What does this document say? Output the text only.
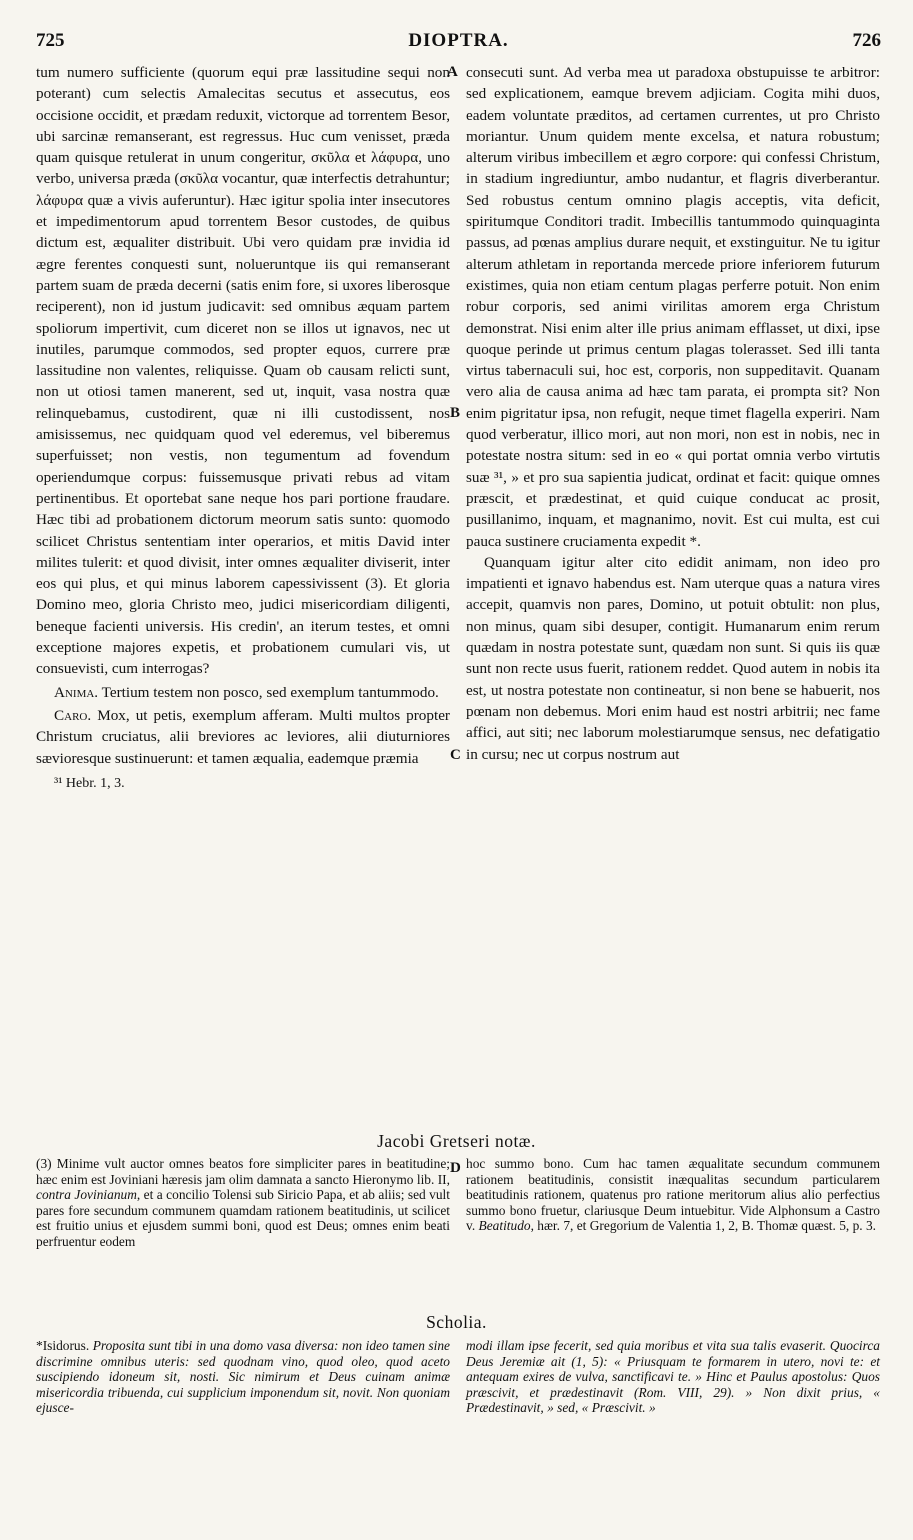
725	DIOPTRA.	726
A
B
C
D

tum numero sufficiente (quorum equi præ lassitudine sequi non poterant) cum selectis Amalecitas secutus et assecutus, eos occisione occidit, et prædam reduxit, victorque ad torrentem Besor, ubi sarcinæ remanserant, est regressus. Huc cum venisset, præda quam quisque retulerat in unum congeritur, σκῦλα et λάφυρα, uno verbo, universa præda (σκῦλα vocantur, quæ interfectis detrahuntur; λάφυρα quæ a vivis auferuntur). Hæc igitur spolia inter insecutores et impedimentorum apud torrentem Besor custodes, de quibus dictum est, æqualiter distribuit. Ubi vero quidam præ invidia id ægre ferentes conquesti sunt, nolueruntque iis qui remanserant partem suam de præda decerni (satis enim fore, si uxores liberosque reciperent), non id justum judicavit: sed omnibus æquam partem spoliorum impertivit, cum diceret non se illos ut ignavos, nec ut inutiles, parumque commodos, sed propter equos, currere præ lassitudine non valentes, reliquisse. Quam ob causam relicti sunt, non ut otiosi tamen manerent, sed ut, inquit, vasa nostra quæ relinquebamus, custodirent, quæ ni illi custodissent, nos amisissemus, nec quidquam quod vel ederemus, vel biberemus superfuisset; non vestis, non tegumentum ad fovendum operiendumque corpus: fuissemusque privati rebus ad vitam pertinentibus. Et oportebat sane neque hos pari portione fraudare. Hæc tibi ad probationem dictorum meorum satis sunto: quomodo scilicet Christus sententiam inter operarios, et mitis David inter milites tulerit: et quod divisit, inter omnes æqualiter diviserit, inter eos qui plus, et qui minus laborem capessivissent (3). Et gloria Domino meo, gloria Christo meo, judici misericordiam diligenti, beneque facienti universis. His credin', an iterum testes, et omni exceptione majores expetis, et probationem cumulari vis, ut consuevisti, cum interrogas?

Anima. Tertium testem non posco, sed exemplum tantummodo.

Caro. Mox, ut petis, exemplum afferam. Multi multos propter Christum cruciatus, alii breviores ac leviores, alii diuturniores sævioresque sustinuerunt: et tamen æqualia, eademque præmia

³¹ Hebr. 1, 3.

consecuti sunt. Ad verba mea ut paradoxa obstupuisse te arbitror: sed explicationem, eamque brevem adjiciam. Cogita mihi duos, eadem voluntate præditos, ad certamen currentes, ut pro Christo moriantur. Unum quidem mente excelsa, et natura robustum; alterum viribus imbecillem et ægro corpore: qui confessi Christum, in stadium ingrediuntur, ambo nudantur, et flagris diverberantur. Sed robustus centum omnino plagis acceptis, vita deficit, spiritumque Conditori tradit. Imbecillis tantummodo quinquaginta passus, ad pœnas amplius durare nequit, et exstinguitur. Ne tu igitur alterum athletam in reportanda mercede priore inferiorem futurum existimes, quia non etiam centum plagas perferre potuit. Non enim robur corporis, sed animi virilitas amorem erga Christum demonstrat. Nisi enim alter ille prius animam efflasset, ut dixi, ipse quoque perinde ut primus centum plagas tolerasset. Sed illi tanta virtus tabernaculi sui, hoc est, corporis, non suppeditavit. Quanam vero alia de causa anima ad hæc tam parata, ei prompta sit? Non enim pigritatur ipsa, non refugit, neque timet flagella experiri. Nam quod verberatur, illico mori, aut non mori, non est in nobis, nec in potestate nostra situm: sed in eo « qui portat omnia verbo virtutis suæ ³¹, » et pro sua sapientia judicat, ordinat et facit: quique omnes præscit, et prædestinat, et quid cuique conducat ac prosit, pusillanimo, inquam, et magnanimo, novit. Est cui multa, est cui pauca sustinere cruciamenta expedit *.

Quanquam igitur alter cito edidit animam, non ideo pro impatienti et ignavo habendus est. Nam uterque quas a natura vires accepit, quamvis non pares, Domino, ut potuit obtulit: non plus, non minus, quam sibi desuper, contigit. Humanarum enim rerum quædam in nostra potestate sunt, quædam non sunt. Si quis iis quæ sunt non recte usus fuerit, rationem reddet. Quod autem in nobis ita est, ut nostra potestate non contineatur, si non bene se habuerit, nos pœnam non debemus. Mori enim haud est nostri arbitrii; nec fame affici, aut siti; nec laborum molestiarumque sensus, nec defatigatio in cursu; nec ut corpus nostrum aut

Jacobi Gretseri notæ.
(3) Minime vult auctor omnes beatos fore simpliciter pares in beatitudine; hæc enim est Joviniani hæresis jam olim damnata a sancto Hieronymo lib. II, contra Jovinianum, et a concilio Tolensi sub Siricio Papa, et ab aliis; sed vult pares fore secundum communem quamdam rationem beatitudinis, ut scilicet est fruitio unius et ejusdem summi boni, quod est Deus; omnes enim beati perfruentur eodem
hoc summo bono. Cum hac tamen æqualitate secundum communem rationem beatitudinis, consistit inæqualitas secundum particularem beatitudinis rationem, quatenus pro ratione meritorum alius alio perfectius summo bono fruetur, clariusque Deum intuebitur. Vide Alphonsum a Castro v. Beatitudo, hær. 7, et Gregorium de Valentia 1, 2, B. Thomæ quæst. 5, p. 3.
Scholia.
*Isidorus. Proposita sunt tibi in una domo vasa diversa: non ideo tamen sine discrimine omnibus uteris: sed quodnam vino, quod oleo, quod aceto suscipiendo idoneum sit, nosti. Sic nimirum et Deus cuinam animæ misericordia tribuenda, cui supplicium imponendum sit, novit. Non quoniam ejusce-
modi illam ipse fecerit, sed quia moribus et vita sua talis evaserit. Quocirca Deus Jeremiæ ait (1, 5): « Priusquam te formarem in utero, novi te: et antequam exires de vulva, sanctificavi te. » Hinc et Paulus apostolus: Quos præscivit, et prædestinavit (Rom. VIII, 29). » Non dixit prius, « Prædestinavit, » sed, « Præscivit. »
